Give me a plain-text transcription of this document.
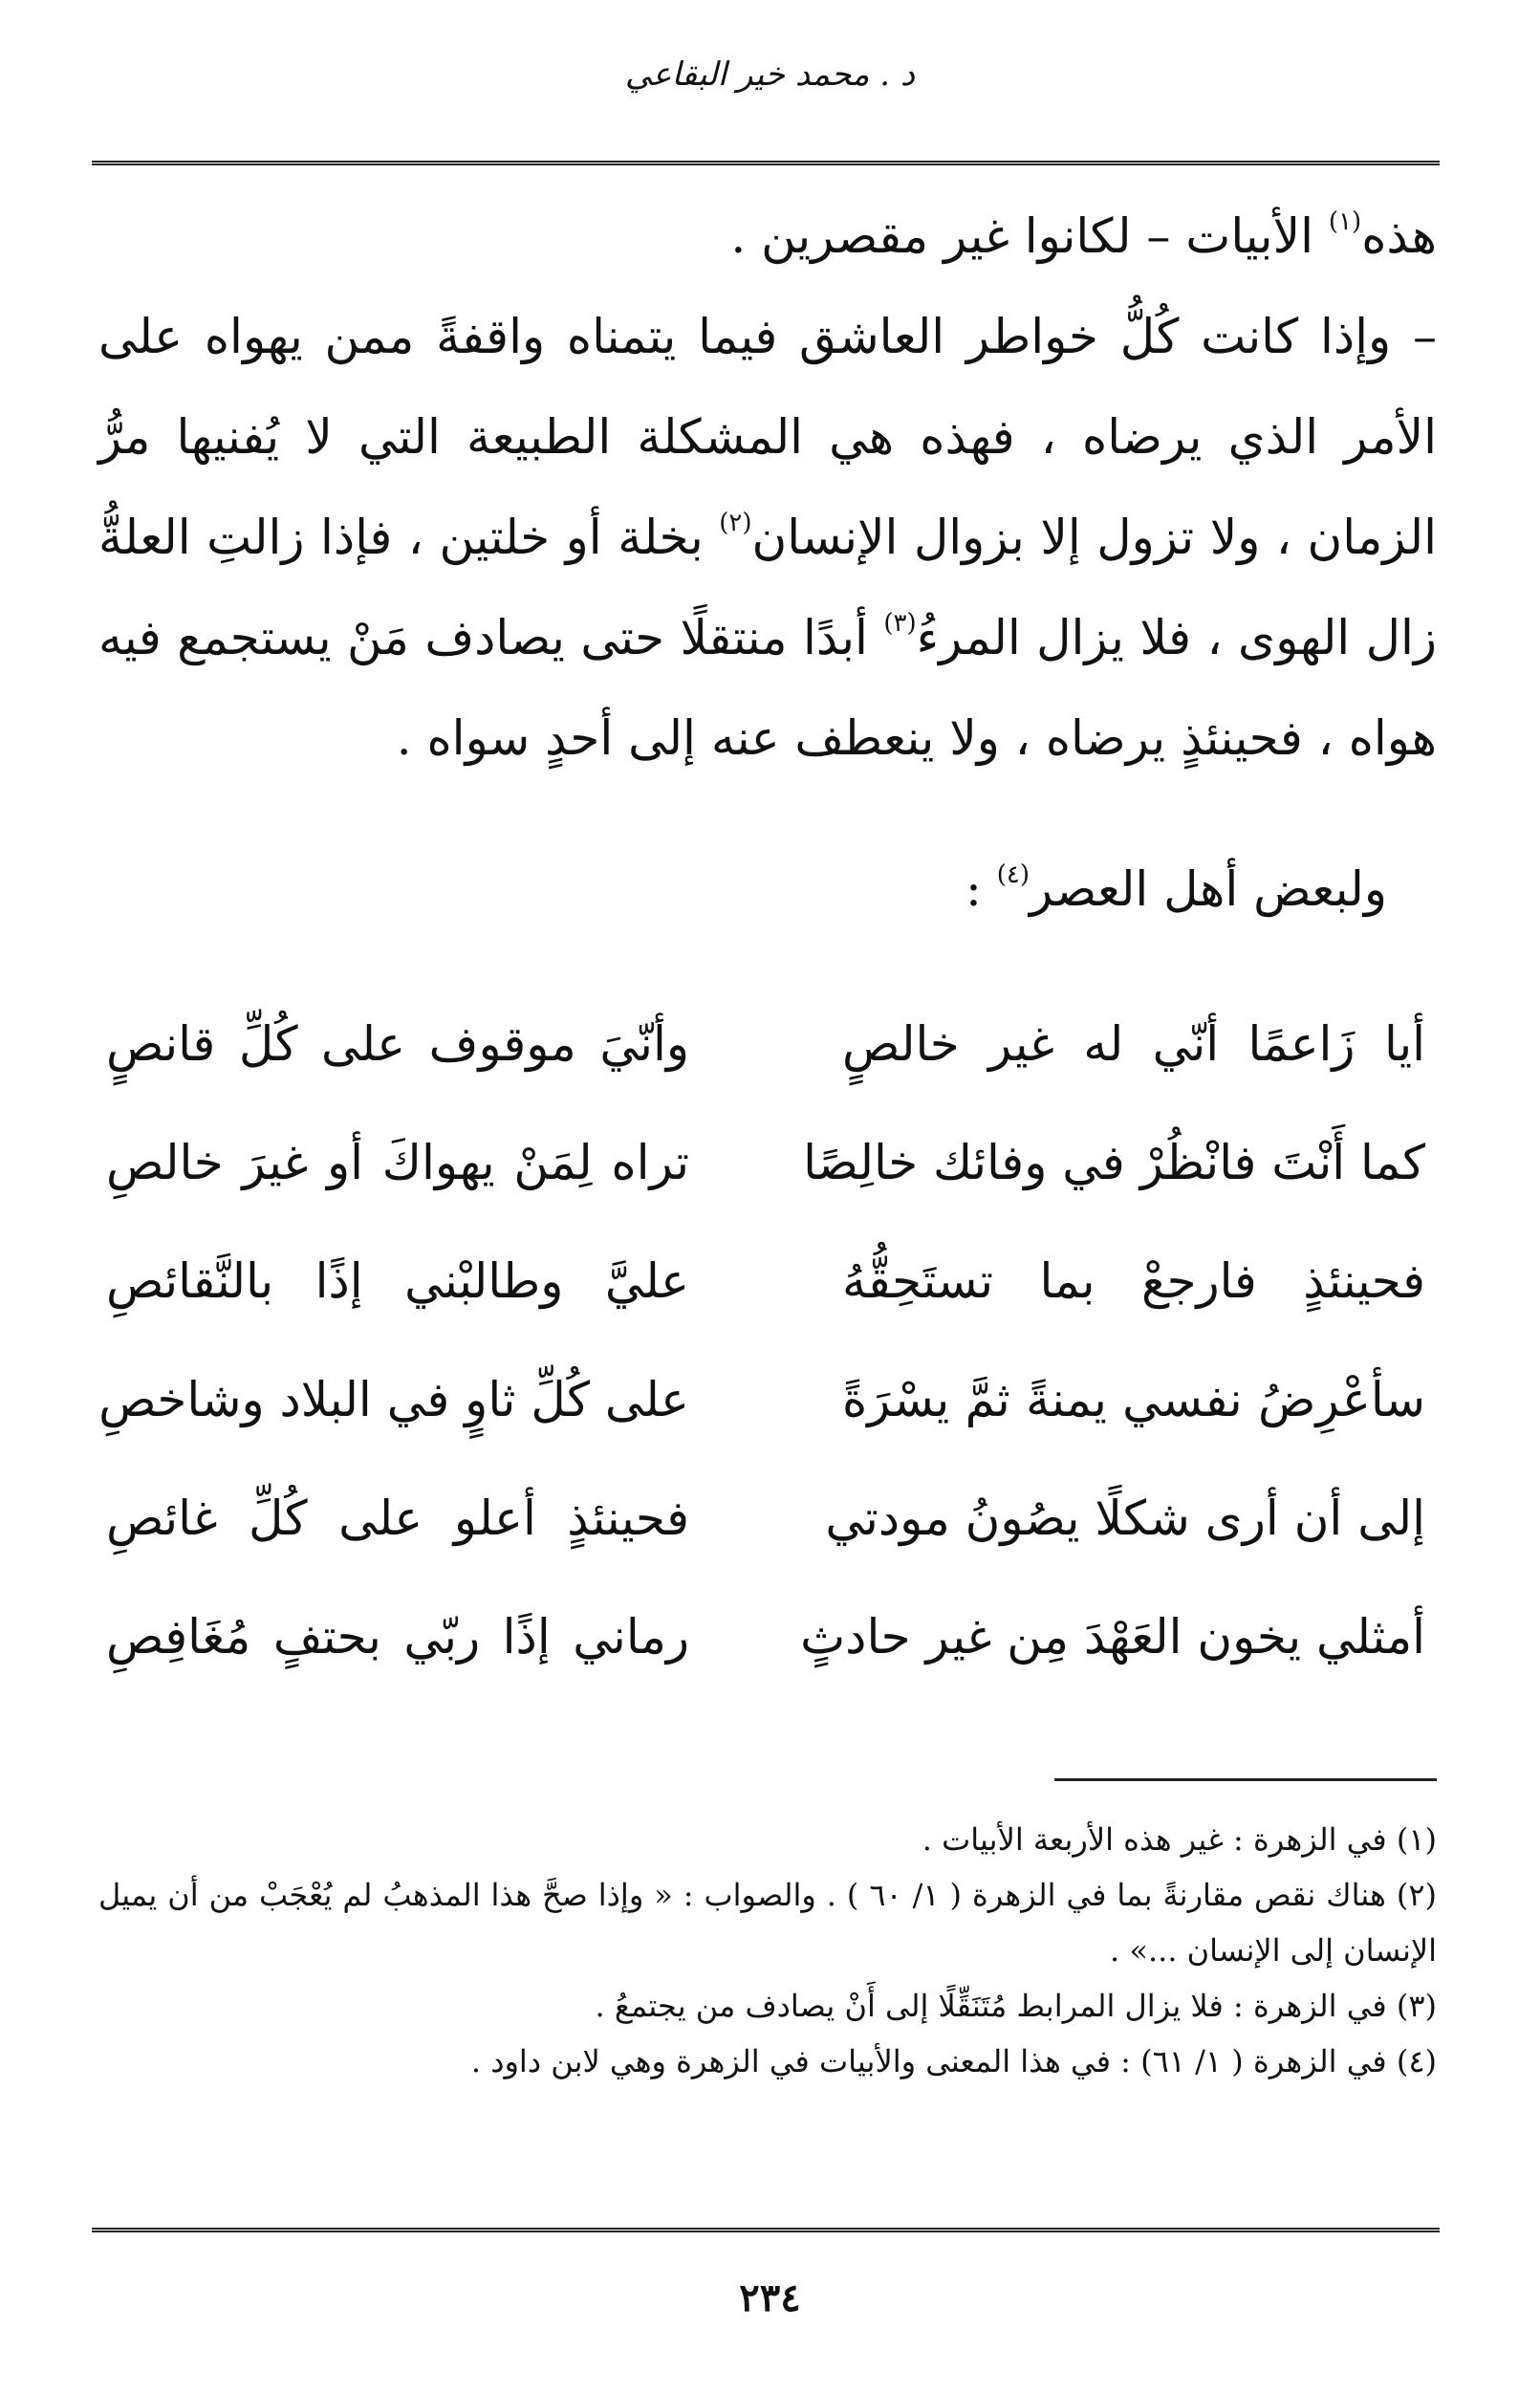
د . محمد خير البقاعي

هذه$^{(١)}$ الأبيات – لكانوا غير مقصرين .

– وإذا كانت كُلُّ خواطر العاشق فيما يتمناه واقفةً ممن يهواه على الأمر الذي يرضاه ، فهذه هي المشكلة الطبيعة التي لا يُفنيها مرُّ الزمان ، ولا تزول إلا بزوال الإنسان$^{(٢)}$ بخلة أو خلتين ، فإذا زالتِ العلةُّ زال الهوى ، فلا يزال المرءُ$^{(٣)}$ أبدًا منتقلًا حتى يصادف مَنْ يستجمع فيه هواه ، فحينئذٍ يرضاه ، ولا ينعطف عنه إلى أحدٍ سواه .

ولبعض أهل العصر$^{(٤)}$ :
أيا زَاعمًا أنّي له غير خالصٍ
وأنّيَ موقوف على كُلِّ قانصٍ
كما أَنْتَ فانْظُرْ في وفائك خالِصًا
تراه لِمَنْ يهواكَ أو غيرَ خالصِ
فحينئذٍ فارجعْ بما تستَحِقُّهُ
عليَّ وطالبْني إذًا بالنَّقائصِ
سأعْرِضُ نفسي يمنةً ثمَّ يسْرَةً
على كُلِّ ثاوٍ في البلاد وشاخصِ
إلى أن أرى شكلًا يصُونُ مودتي
فحينئذٍ أعلو على كُلِّ غائصِ
أمثلي يخون العَهْدَ مِن غير حادثٍ
رماني إذًا ربّي بحتفٍ مُغَافِصِ

(١) في الزهرة : غير هذه الأربعة الأبيات .

(٢) هناك نقص مقارنةً بما في الزهرة ( ١/ ٦٠ ) . والصواب : « وإذا صحَّ هذا المذهبُ لم يُعْجَبْ من أن يميل الإنسان إلى الإنسان ...» .

(٣) في الزهرة : فلا يزال المرابط مُتَنَقِّلًا إلى أَنْ يصادف من يجتمعُ .

(٤) في الزهرة ( ١/ ٦١) : في هذا المعنى والأبيات في الزهرة وهي لابن داود .

٢٣٤
